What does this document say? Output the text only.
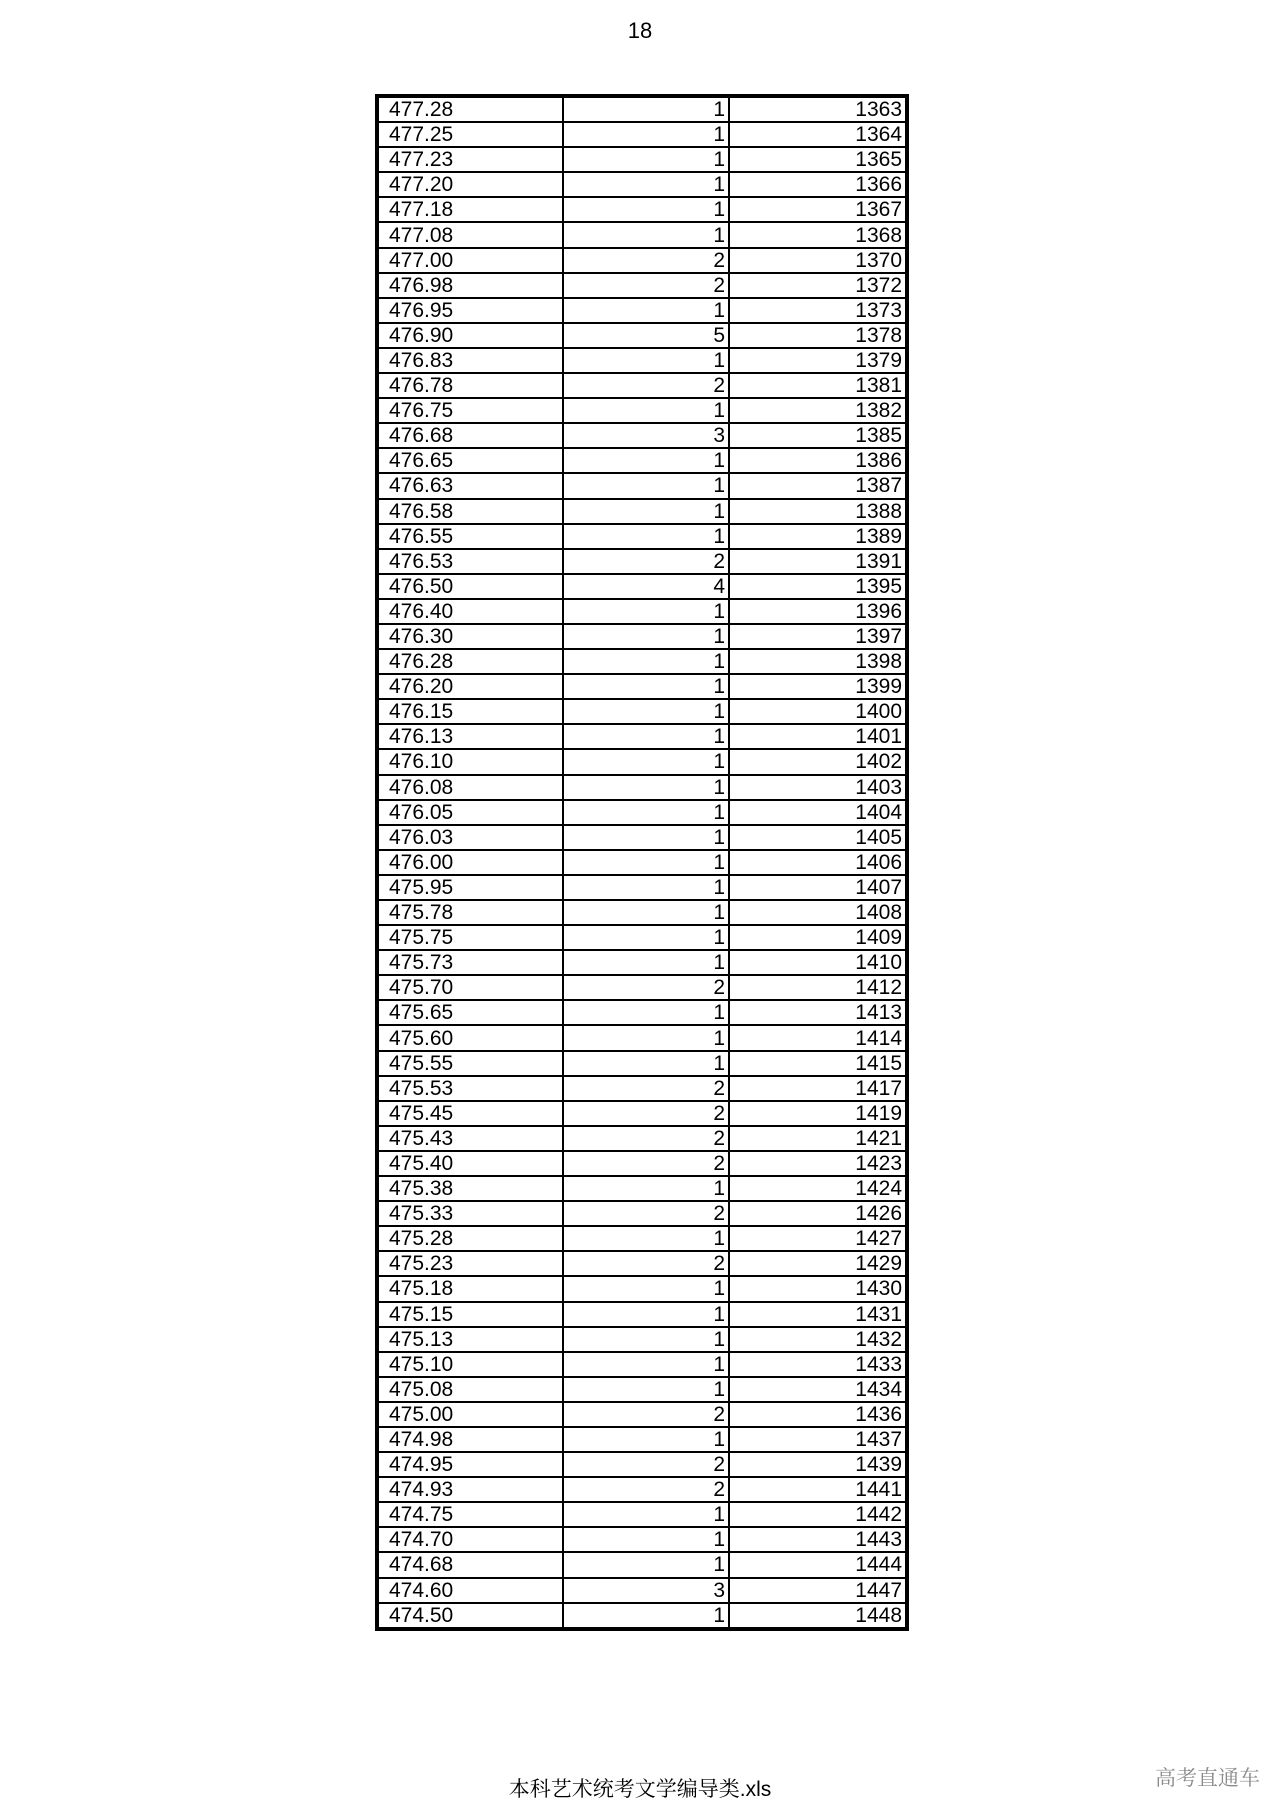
18
477.28	1	1363
477.25	1	1364
477.23	1	1365
477.20	1	1366
477.18	1	1367
477.08	1	1368
477.00	2	1370
476.98	2	1372
476.95	1	1373
476.90	5	1378
476.83	1	1379
476.78	2	1381
476.75	1	1382
476.68	3	1385
476.65	1	1386
476.63	1	1387
476.58	1	1388
476.55	1	1389
476.53	2	1391
476.50	4	1395
476.40	1	1396
476.30	1	1397
476.28	1	1398
476.20	1	1399
476.15	1	1400
476.13	1	1401
476.10	1	1402
476.08	1	1403
476.05	1	1404
476.03	1	1405
476.00	1	1406
475.95	1	1407
475.78	1	1408
475.75	1	1409
475.73	1	1410
475.70	2	1412
475.65	1	1413
475.60	1	1414
475.55	1	1415
475.53	2	1417
475.45	2	1419
475.43	2	1421
475.40	2	1423
475.38	1	1424
475.33	2	1426
475.28	1	1427
475.23	2	1429
475.18	1	1430
475.15	1	1431
475.13	1	1432
475.10	1	1433
475.08	1	1434
475.00	2	1436
474.98	1	1437
474.95	2	1439
474.93	2	1441
474.75	1	1442
474.70	1	1443
474.68	1	1444
474.60	3	1447
474.50	1	1448
本科艺术统考文学编导类.xls	高考直通车
